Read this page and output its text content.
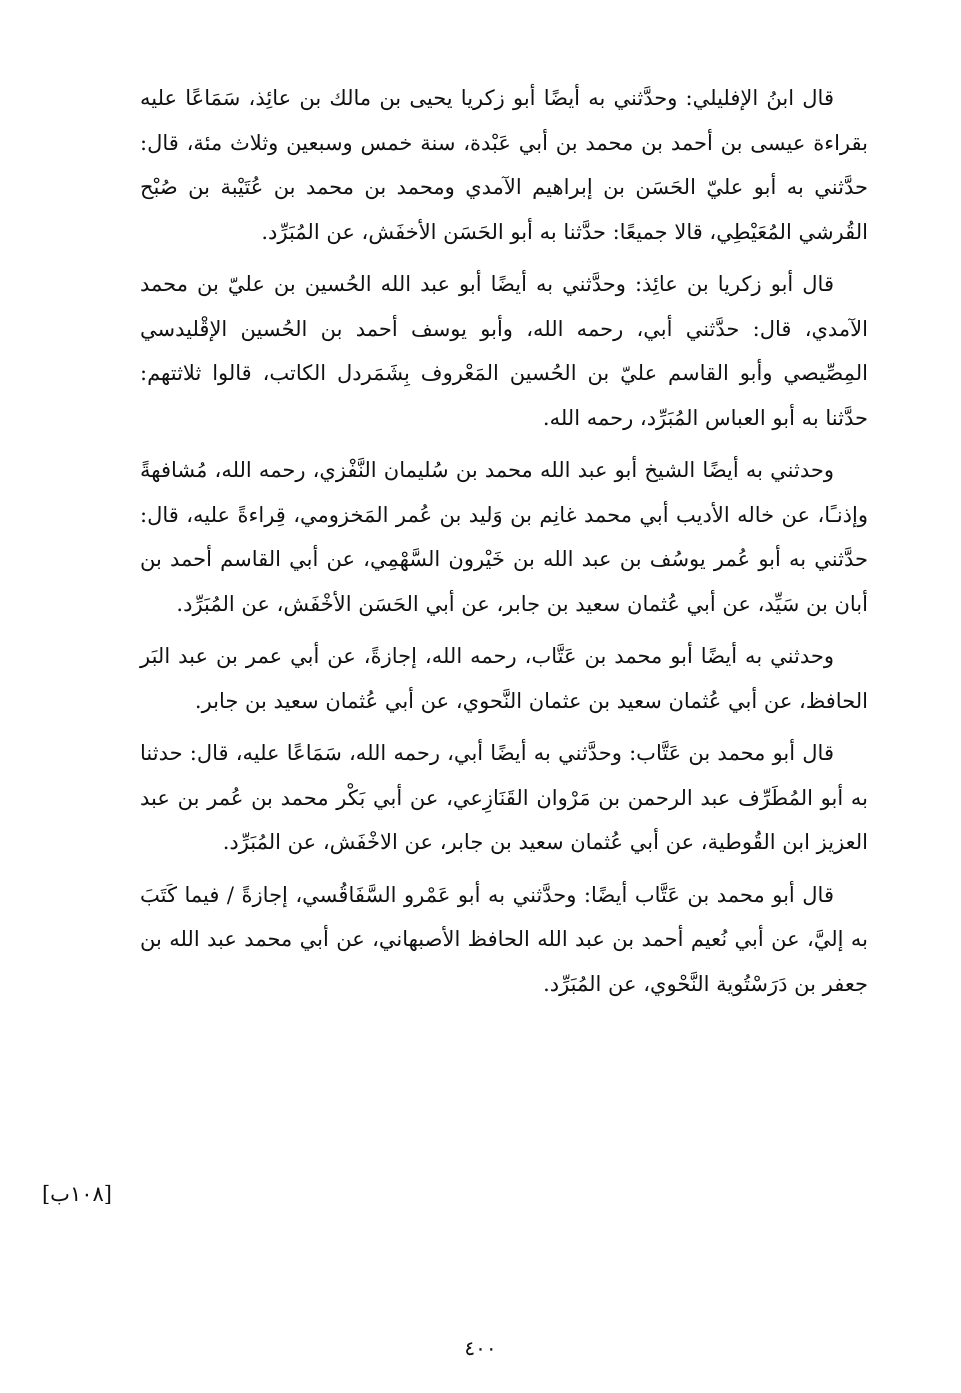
قال ابنُ الإفليلي: وحدَّثني به أيضًا أبو زكريا يحيى بن مالك بن عائِذ، سَمَاعًا عليه بقراءة عيسى بن أحمد بن محمد بن أبي عَبْدة، سنة خمس وسبعين وثلاث مئة، قال: حدَّثني به أبو عليّ الحَسَن بن إبراهيم الآمدي ومحمد بن محمد بن عُتَيْبة بن صُبْح القُرشي المُعَيْطِي، قالا جميعًا: حدَّثنا به أبو الحَسَن الأخفَش، عن المُبَرِّد.

قال أبو زكريا بن عائِذ: وحدَّثني به أيضًا أبو عبد الله الحُسين بن عليّ بن محمد الآمدي، قال: حدَّثني أبي، رحمه الله، وأبو يوسف أحمد بن الحُسين الإقْليدسي المِصِّيصي وأبو القاسم عليّ بن الحُسين المَعْروف بِشَمَردل الكاتب، قالوا ثلاثتهم: حدَّثنا به أبو العباس المُبَرِّد، رحمه الله.

وحدثني به أيضًا الشيخ أبو عبد الله محمد بن سُليمان النَّفْزي، رحمه الله، مُشافهةً وإذنـًا، عن خاله الأديب أبي محمد غانِم بن وَليد بن عُمر المَخزومي، قِراءةً عليه، قال: حدَّثني به أبو عُمر يوسُف بن عبد الله بن خَيْرون السَّهْمِي، عن أبي القاسم أحمد بن أبان بن سَيِّد، عن أبي عُثمان سعيد بن جابر، عن أبي الحَسَن الأخْفَش، عن المُبَرِّد.

وحدثني به أيضًا أبو محمد بن عَتَّاب، رحمه الله، إجازةً، عن أبي عمر بن عبد البَر الحافظ، عن أبي عُثمان سعيد بن عثمان النَّحوي، عن أبي عُثمان سعيد بن جابر.

قال أبو محمد بن عَتَّاب: وحدَّثني به أيضًا أبي، رحمه الله، سَمَاعًا عليه، قال: حدثنا به أبو المُطَرِّف عبد الرحمن بن مَرْوان القَنَازِعي، عن أبي بَكْر محمد بن عُمر بن عبد العزيز ابن القُوطية، عن أبي عُثمان سعيد بن جابر، عن الاخْفَش، عن المُبَرِّد.

قال أبو محمد بن عَتَّاب أيضًا: وحدَّثني به أبو عَمْرو السَّفَاقُسي، إجازةً / فيما كَتَبَ به إليَّ، عن أبي نُعيم أحمد بن عبد الله الحافظ الأصبهاني، عن أبي محمد عبد الله بن جعفر بن دَرَسْتُوية النَّحْوي، عن المُبَرِّد.

[١٠٨ب]
٤٠٠
